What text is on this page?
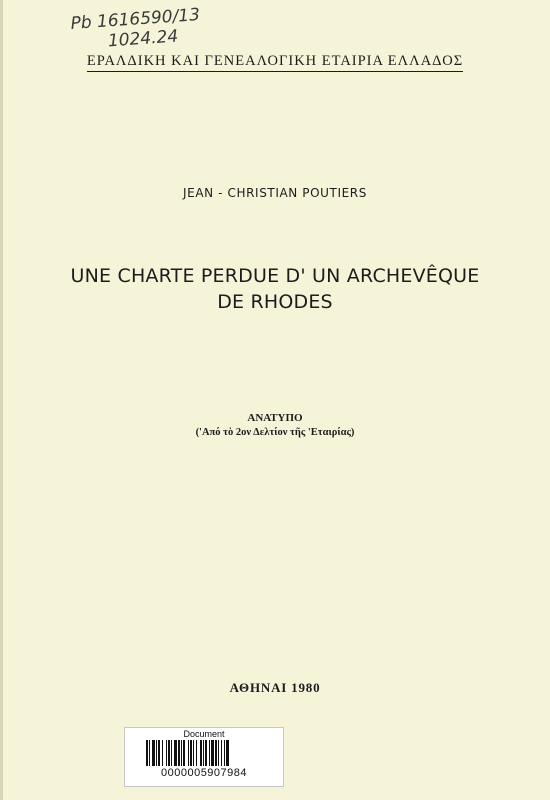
Pb 1616590/13
1024.24
ΕΡΑΛΔΙΚΗ ΚΑΙ ΓΕΝΕΑΛΟΓΙΚΗ ΕΤΑΙΡΙΑ ΕΛΛΑΔΟΣ
JEAN - CHRISTIAN POUTIERS
UNE CHARTE PERDUE D' UN ARCHEVÊQUE
DE RHODES
ΑΝΑΤΥΠΟ
('Από τὸ 2ον Δελτίον τῆς 'Εταιρίας)
ΑΘΗΝΑΙ 1980
Document
0000005907984
